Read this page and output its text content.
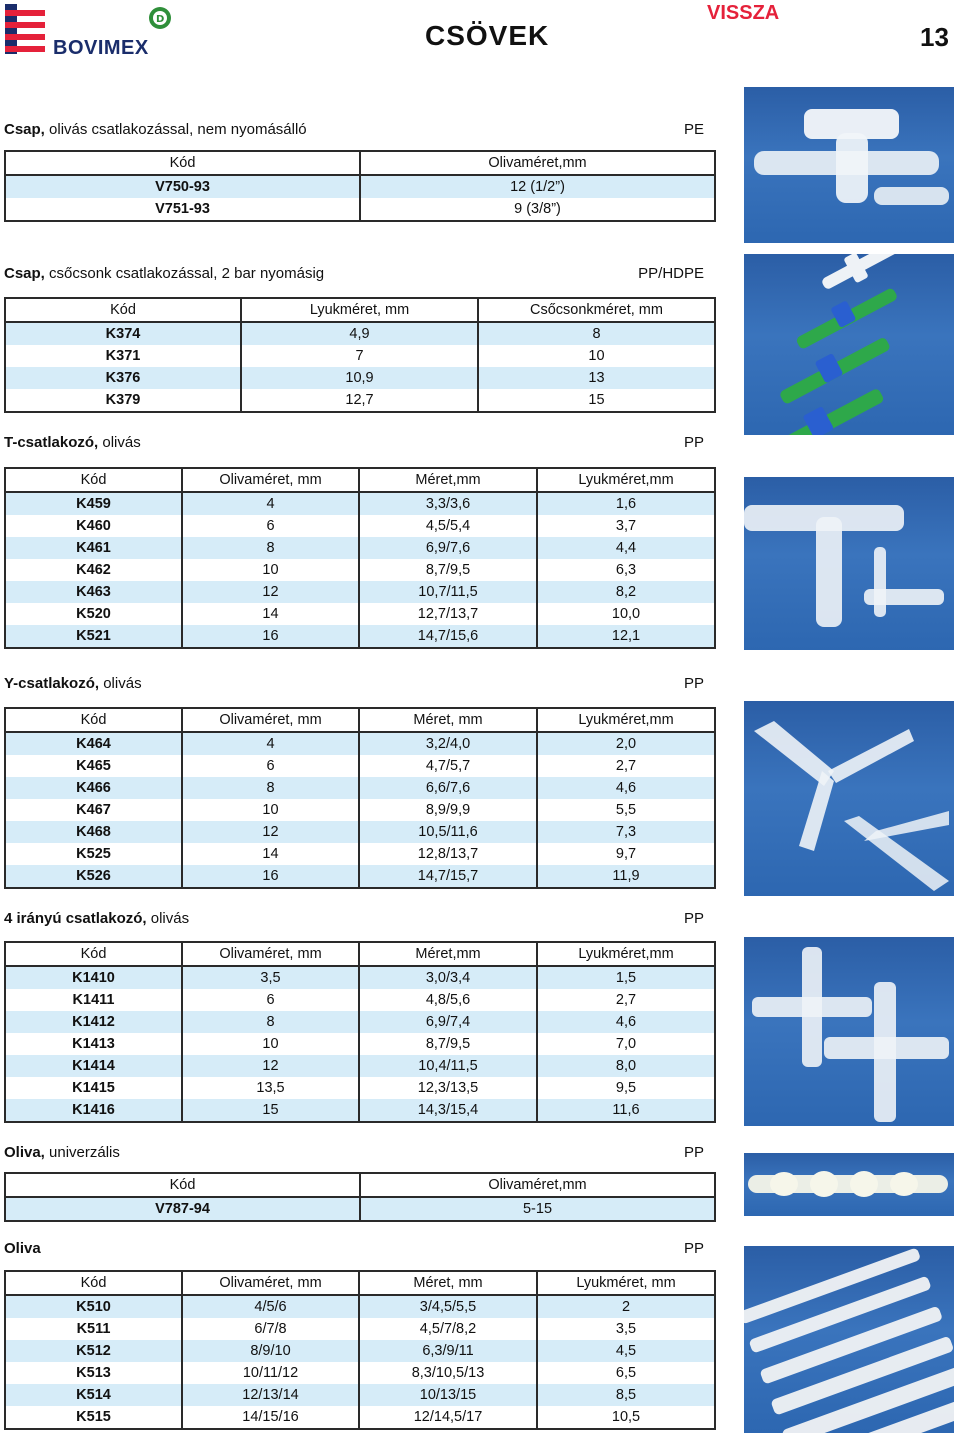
D
BOVIMEX	CSÖVEK
VISSZA
13
Csap, olivás csatlakozással, nem nyomásálló	PE
Kód	Olivaméret,mm
V750-93	12 (1/2”)
V751-93	9 (3/8”)
Csap, csőcsonk csatlakozással, 2 bar nyomásig	PP/HDPE
Kód	Lyukméret, mm	Csőcsonkméret, mm
K374	4,9	8
K371	7	10
K376	10,9	13
K379	12,7	15
T-csatlakozó, olivás	PP
Kód	Olivaméret, mm	Méret,mm	Lyukméret,mm
K459	4	3,3/3,6	1,6
K460	6	4,5/5,4	3,7
K461	8	6,9/7,6	4,4
K462	10	8,7/9,5	6,3
K463	12	10,7/11,5	8,2
K520	14	12,7/13,7	10,0
K521	16	14,7/15,6	12,1
Y-csatlakozó, olivás	PP
Kód	Olivaméret, mm	Méret, mm	Lyukméret,mm
K464	4	3,2/4,0	2,0
K465	6	4,7/5,7	2,7
K466	8	6,6/7,6	4,6
K467	10	8,9/9,9	5,5
K468	12	10,5/11,6	7,3
K525	14	12,8/13,7	9,7
K526	16	14,7/15,7	11,9
4 irányú csatlakozó, olivás	PP
Kód	Olivaméret, mm	Méret,mm	Lyukméret,mm
K1410	3,5	3,0/3,4	1,5
K1411	6	4,8/5,6	2,7
K1412	8	6,9/7,4	4,6
K1413	10	8,7/9,5	7,0
K1414	12	10,4/11,5	8,0
K1415	13,5	12,3/13,5	9,5
K1416	15	14,3/15,4	11,6
Oliva, univerzális	PP
Kód	Olivaméret,mm
V787-94	5-15
Oliva	PP
Kód	Olivaméret, mm	Méret, mm	Lyukméret, mm
K510	4/5/6	3/4,5/5,5	2
K511	6/7/8	4,5/7/8,2	3,5
K512	8/9/10	6,3/9/11	4,5
K513	10/11/12	8,3/10,5/13	6,5
K514	12/13/14	10/13/15	8,5
K515	14/15/16	12/14,5/17	10,5
